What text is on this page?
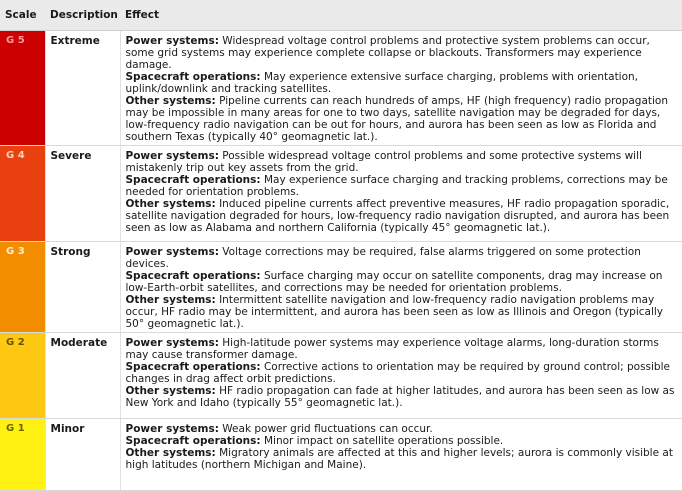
Scale	Description	Effect
G 5	Extreme	Power systems: Widespread voltage control problems and protective system problems can occur, some grid systems may experience complete collapse or blackouts. Transformers may experience damage.

Spacecraft operations: May experience extensive surface charging, problems with orientation, uplink/downlink and tracking satellites.

Other systems: Pipeline currents can reach hundreds of amps, HF (high frequency) radio propagation may be impossible in many areas for one to two days, satellite navigation may be degraded for days, low-frequency radio navigation can be out for hours, and aurora has been seen as low as Florida and southern Texas (typically 40° geomagnetic lat.).

G 4	Severe	Power systems: Possible widespread voltage control problems and some protective systems will mistakenly trip out key assets from the grid.

Spacecraft operations: May experience surface charging and tracking problems, corrections may be needed for orientation problems.

Other systems: Induced pipeline currents affect preventive measures, HF radio propagation sporadic, satellite navigation degraded for hours, low-frequency radio navigation disrupted, and aurora has been seen as low as Alabama and northern California (typically 45° geomagnetic lat.).

G 3	Strong	Power systems: Voltage corrections may be required, false alarms triggered on some protection devices.

Spacecraft operations: Surface charging may occur on satellite components, drag may increase on low-Earth-orbit satellites, and corrections may be needed for orientation problems.

Other systems: Intermittent satellite navigation and low-frequency radio navigation problems may occur, HF radio may be intermittent, and aurora has been seen as low as Illinois and Oregon (typically 50° geomagnetic lat.).

G 2	Moderate	Power systems: High-latitude power systems may experience voltage alarms, long-duration storms may cause transformer damage.

Spacecraft operations: Corrective actions to orientation may be required by ground control; possible changes in drag affect orbit predictions.

Other systems: HF radio propagation can fade at higher latitudes, and aurora has been seen as low as New York and Idaho (typically 55° geomagnetic lat.).

G 1	Minor	Power systems: Weak power grid fluctuations can occur.

Spacecraft operations: Minor impact on satellite operations possible.

Other systems: Migratory animals are affected at this and higher levels; aurora is commonly visible at high latitudes (northern Michigan and Maine).
